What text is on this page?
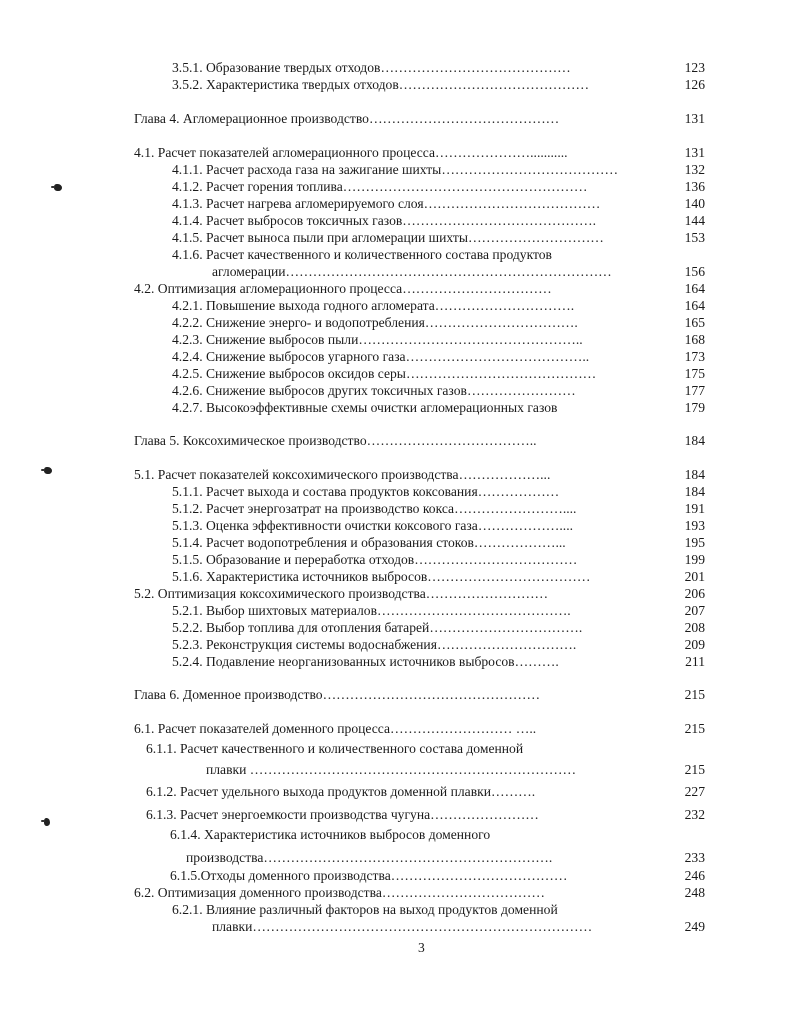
3.5.1. Образование твердых отходов……………………………………
3.5.2. Характеристика твердых отходов……………………………………
Глава 4. Агломерационное производство……………………………………
4.1. Расчет показателей агломерационного процесса…………………...........
4.1.1. Расчет расхода газа на зажигание шихты…………………………………
4.1.2. Расчет горения топлива………………………………………………
4.1.3. Расчет нагрева агломерируемого слоя…………………………………
4.1.4. Расчет выбросов токсичных газов…………………………………….
4.1.5. Расчет выноса пыли при агломерации шихты…………………………
4.1.6. Расчет качественного и количественного состава продуктов
агломерации………………………………………………………………
4.2. Оптимизация агломерационного процесса……………………………
4.2.1. Повышение выхода годного агломерата………………………….
4.2.2. Снижение энерго- и водопотребления…………………………….
4.2.3. Снижение выбросов пыли…………………………………………..
4.2.4. Снижение выбросов угарного газа…………………………………..
4.2.5. Снижение выбросов оксидов серы……………………………………
4.2.6. Снижение выбросов других токсичных газов……………………
4.2.7. Высокоэффективные схемы очистки агломерационных газов
Глава 5. Коксохимическое производство………………………………..
5.1. Расчет показателей коксохимического производства………………...
5.1.1. Расчет выхода и состава продуктов коксования………………
5.1.2. Расчет энергозатрат на производство кокса……………………....
5.1.3. Оценка эффективности очистки коксового газа………………....
5.1.4. Расчет водопотребления и образования стоков………………...
5.1.5. Образование и переработка отходов………………………………
5.1.6. Характеристика источников выбросов………………………………
5.2. Оптимизация коксохимического производства………………………
5.2.1. Выбор шихтовых материалов…………………………………….
5.2.2. Выбор топлива для отопления батарей…………………………….
5.2.3. Реконструкция системы водоснабжения………………………….
5.2.4. Подавление неорганизованных источников выбросов……….
Глава 6. Доменное производство…………………………………………
6.1. Расчет показателей доменного процесса……………………… …..
6.1.1. Расчет качественного и количественного состава доменной
плавки ………………………………………………………………
6.1.2. Расчет удельного выхода продуктов доменной плавки……….
6.1.3. Расчет энергоемкости производства чугуна……………………
6.1.4. Характеристика источников выбросов доменного
производства……………………………………………………….
6.1.5.Отходы доменного производства…………………………………
6.2. Оптимизация доменного производства………………………………
6.2.1. Влияние различный факторов на выход продуктов доменной
плавки…………………………………………………………………
123
126
131
131
132
136
140
144
153
156
164
164
165
168
173
175
177
179
184
184
184
191
193
195
199
201
206
207
208
209
211
215
215
215
227
232
233
246
248
249
3
